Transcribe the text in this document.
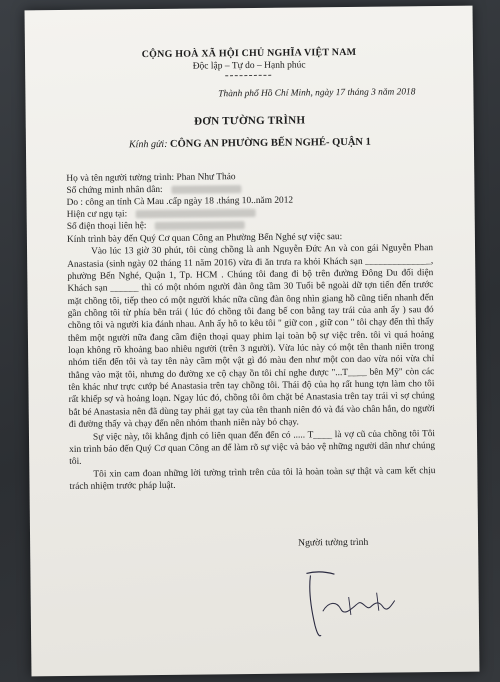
CỘNG HOÀ XÃ HỘI CHỦ NGHĨA VIỆT NAM
Độc lập – Tự do – Hạnh phúc
Thành phố Hồ Chí Minh, ngày 17 tháng 3 năm 2018
ĐƠN TƯỜNG TRÌNH
Kính gửi: CÔNG AN PHƯỜNG BẾN NGHÉ- QUẬN 1
Họ và tên người tường trình: Phan Như Thảo
Số chứng minh nhân dân:
Do : công an tỉnh Cà Mau .cấp ngày 18 .tháng 10..năm 2012
Hiện cư ngụ tại:
Số điện thoại liên hệ:

Kính trình bày đến Quý Cơ quan Công an Phường Bến Nghé sự việc sau:

Vào lúc 13 giờ 30 phút, tôi cùng chồng là anh Nguyễn Đức An và con gái Nguyễn Phan Anastasia (sinh ngày 02 tháng 11 năm 2016) vừa đi ăn trưa ra khỏi Khách sạn ______________, phường Bến Nghé, Quận 1, Tp. HCM . Chúng tôi đang đi bộ trên đường Đông Du đối diện Khách sạn ______ thì có một nhóm người đàn ông tầm 30 Tuổi bê ngoài dữ tợn tiến đến trước mặt chồng tôi, tiếp theo có một người khác nữa cũng đàn ông nhìn giang hồ cũng tiến nhanh đến gần chồng tôi từ phía bên trái ( lúc đó chồng tôi đang bế con bằng tay trái của anh ấy ) sau đó chồng tôi và người kia đánh nhau. Anh ấy hô to kêu tôi " giữ con , giữ con " tôi chạy đến thì thấy thêm một người nữa đang cầm điện thoại quay phim lại toàn bộ sự việc trên. tôi vì quá hoảng loạn không rõ khoảng bao nhiêu người (trên 3 người). Vừa lúc này có một tên thanh niên trong nhóm tiến đến tôi và tay tên này cầm một vật gì đó màu đen như một con dao vừa nói vừa chỉ thẳng vào mặt tôi, nhưng do đường xe cộ chạy ồn tôi chỉ nghe được "...T____ bên Mỹ" còn các tên khác như trực cướp bé Anastasia trên tay chồng tôi. Thái độ của họ rất hung tợn làm cho tôi rất khiếp sợ và hoảng loạn. Ngay lúc đó, chồng tôi ôm chặt bé Anastasia trên tay trái vì sợ chúng bắt bé Anastasia nên đã dùng tay phải gạt tay của tên thanh niên đó và đá vào chân hắn, do người đi đường thấy và chạy đến nên nhóm thanh niên này bỏ chạy.

Sự việc này, tôi khẳng định có liên quan đến đến có ..... T____ là vợ cũ của chồng tôi Tôi xin trình báo đến Quý Cơ quan Công an để làm rõ sự việc và bảo vệ những người dân như chúng tôi.

Tôi xin cam đoan những lời tường trình trên của tôi là hoàn toàn sự thật và cam kết chịu trách nhiệm trước pháp luật.

Người tường trình
